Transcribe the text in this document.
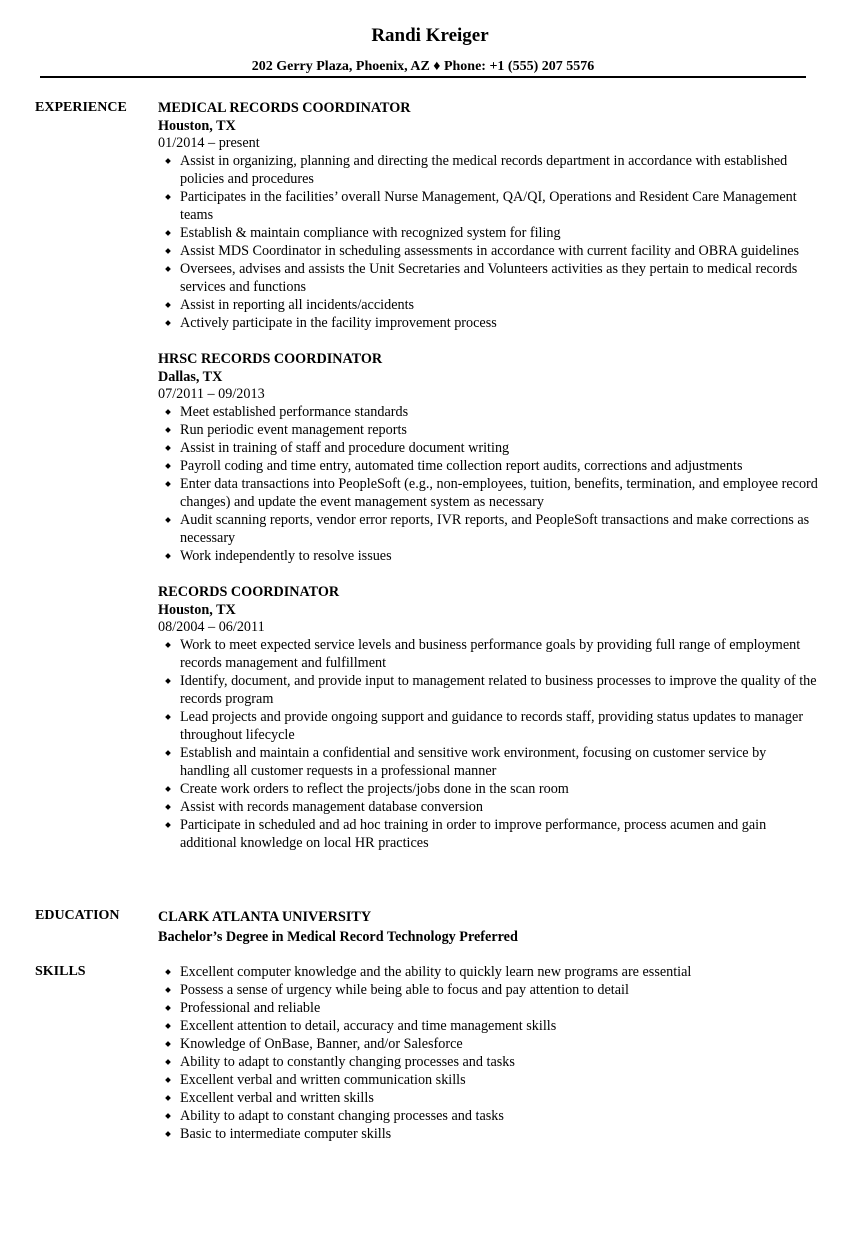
Randi Kreiger
202 Gerry Plaza, Phoenix, AZ ♦ Phone: +1 (555) 207 5576
EXPERIENCE MEDICAL RECORDS COORDINATOR
Houston, TX
01/2014 – present
Assist in organizing, planning and directing the medical records department in accordance with established policies and procedures
Participates in the facilities’ overall Nurse Management, QA/QI, Operations and Resident Care Management teams
Establish & maintain compliance with recognized system for filing
Assist MDS Coordinator in scheduling assessments in accordance with current facility and OBRA guidelines
Oversees, advises and assists the Unit Secretaries and Volunteers activities as they pertain to medical records services and functions
Assist in reporting all incidents/accidents
Actively participate in the facility improvement process
HRSC RECORDS COORDINATOR
Dallas, TX
07/2011 – 09/2013
Meet established performance standards
Run periodic event management reports
Assist in training of staff and procedure document writing
Payroll coding and time entry, automated time collection report audits, corrections and adjustments
Enter data transactions into PeopleSoft (e.g., non-employees, tuition, benefits, termination, and employee record changes) and update the event management system as necessary
Audit scanning reports, vendor error reports, IVR reports, and PeopleSoft transactions and make corrections as necessary
Work independently to resolve issues
RECORDS COORDINATOR
Houston, TX
08/2004 – 06/2011
Work to meet expected service levels and business performance goals by providing full range of employment records management and fulfillment
Identify, document, and provide input to management related to business processes to improve the quality of the records program
Lead projects and provide ongoing support and guidance to records staff, providing status updates to manager throughout lifecycle
Establish and maintain a confidential and sensitive work environment, focusing on customer service by handling all customer requests in a professional manner
Create work orders to reflect the projects/jobs done in the scan room
Assist with records management database conversion
Participate in scheduled and ad hoc training in order to improve performance, process acumen and gain additional knowledge on local HR practices
EDUCATION	CLARK ATLANTA UNIVERSITY
Bachelor’s Degree in Medical Record Technology Preferred
SKILLS	Excellent computer knowledge and the ability to quickly learn new programs are essential
Possess a sense of urgency while being able to focus and pay attention to detail
Professional and reliable
Excellent attention to detail, accuracy and time management skills
Knowledge of OnBase, Banner, and/or Salesforce
Ability to adapt to constantly changing processes and tasks
Excellent verbal and written communication skills
Excellent verbal and written skills
Ability to adapt to constant changing processes and tasks
Basic to intermediate computer skills
